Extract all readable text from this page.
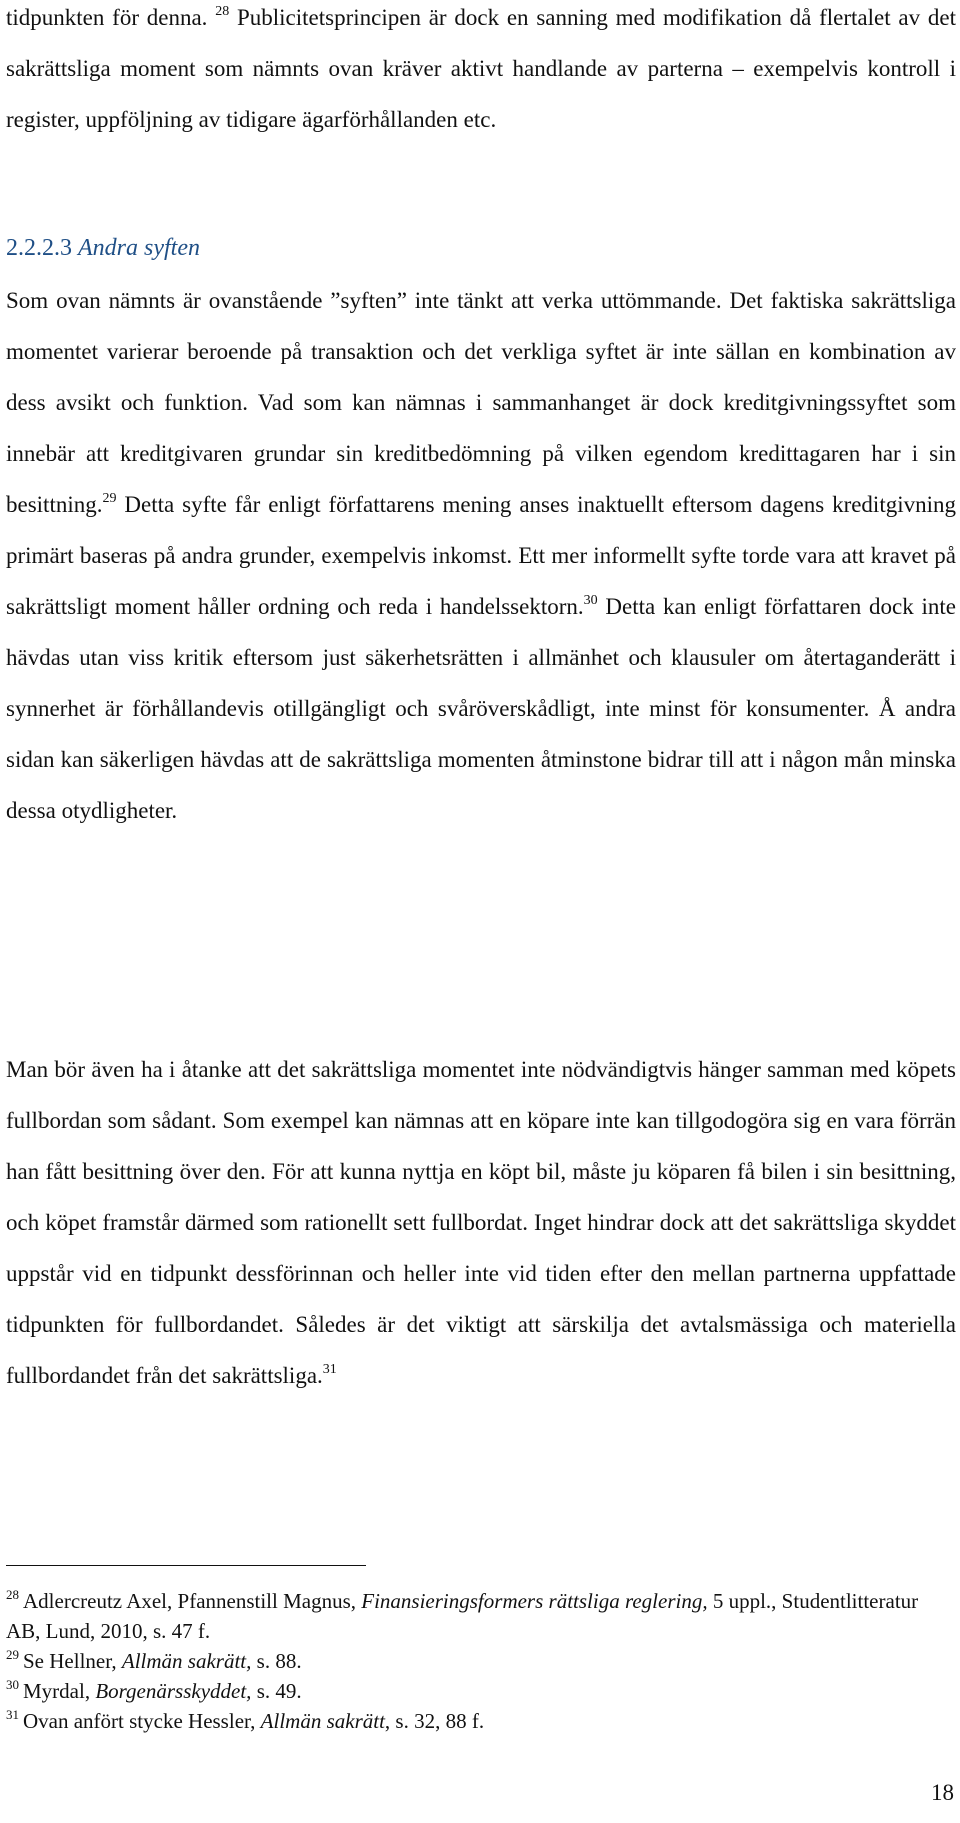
tidpunkten för denna. $^{28}$ Publicitetsprincipen är dock en sanning med modifikation då flertalet av det sakrättsliga moment som nämnts ovan kräver aktivt handlande av parterna – exempelvis kontroll i register, uppföljning av tidigare ägarförhållanden etc.

2.2.2.3 Andra syften

Som ovan nämnts är ovanstående ”syften” inte tänkt att verka uttömmande. Det faktiska sakrättsliga momentet varierar beroende på transaktion och det verkliga syftet är inte sällan en kombination av dess avsikt och funktion. Vad som kan nämnas i sammanhanget är dock kreditgivningssyftet som innebär att kreditgivaren grundar sin kreditbedömning på vilken egendom kredittagaren har i sin besittning.$^{29}$ Detta syfte får enligt författarens mening anses inaktuellt eftersom dagens kreditgivning primärt baseras på andra grunder, exempelvis inkomst. Ett mer informellt syfte torde vara att kravet på sakrättsligt moment håller ordning och reda i handelssektorn.$^{30}$ Detta kan enligt författaren dock inte hävdas utan viss kritik eftersom just säkerhetsrätten i allmänhet och klausuler om återtaganderätt i synnerhet är förhållandevis otillgängligt och svåröverskådligt, inte minst för konsumenter. Å andra sidan kan säkerligen hävdas att de sakrättsliga momenten åtminstone bidrar till att i någon mån minska dessa otydligheter.

Man bör även ha i åtanke att det sakrättsliga momentet inte nödvändigtvis hänger samman med köpets fullbordan som sådant. Som exempel kan nämnas att en köpare inte kan tillgodogöra sig en vara förrän han fått besittning över den. För att kunna nyttja en köpt bil, måste ju köparen få bilen i sin besittning, och köpet framstår därmed som rationellt sett fullbordat. Inget hindrar dock att det sakrättsliga skyddet uppstår vid en tidpunkt dessförinnan och heller inte vid tiden efter den mellan partnerna uppfattade tidpunkten för fullbordandet. Således är det viktigt att särskilja det avtalsmässiga och materiella fullbordandet från det sakrättsliga.$^{31}$

$^{28}$ Adlercreutz Axel, Pfannenstill Magnus, Finansieringsformers rättsliga reglering, 5 uppl., Studentlitteratur AB, Lund, 2010, s. 47 f.
$^{29}$ Se Hellner, Allmän sakrätt, s. 88.
$^{30}$ Myrdal, Borgenärsskyddet, s. 49.
$^{31}$ Ovan anfört stycke Hessler, Allmän sakrätt, s. 32, 88 f.
18
